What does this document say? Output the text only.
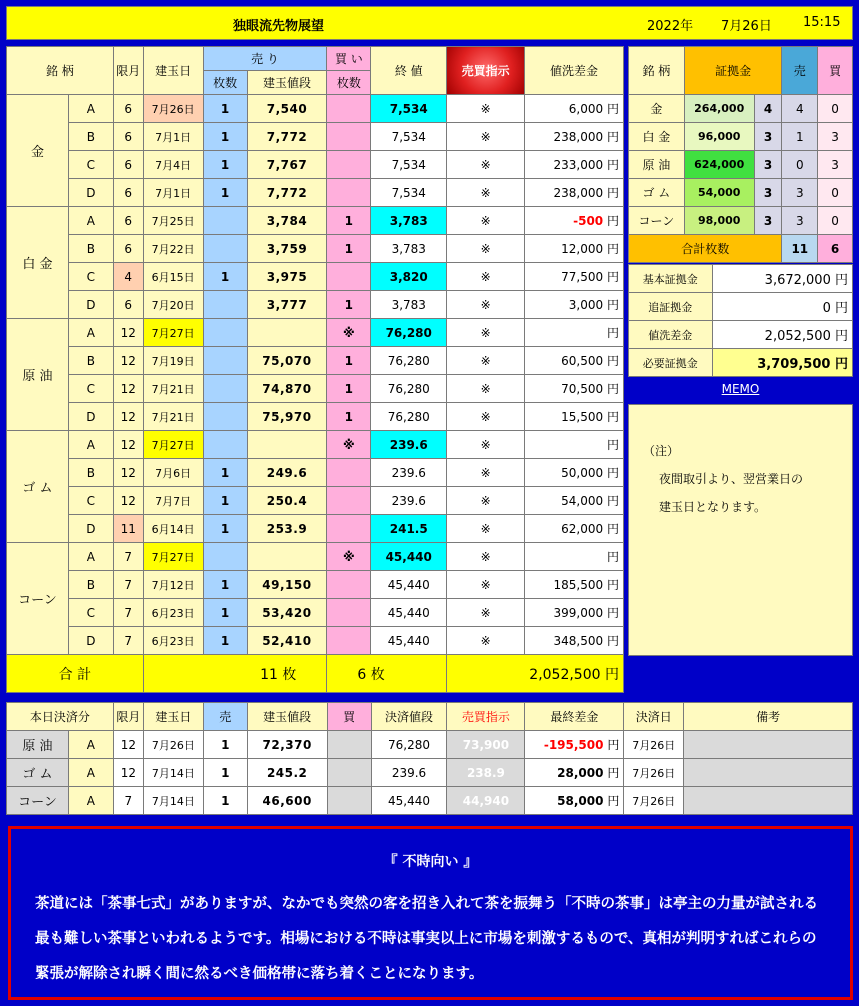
独眼流先物展望	2022年 7月26日 15:15
銘 柄		限月	建玉日	売 り		買 い	終 値	売買指示	値洗差金
				枚数	建玉値段	枚数			
金	A	6	7月26日	1	7,540		7,534	※	6,000 円
	B	6	7月1日	1	7,772		7,534	※	238,000 円
	C	6	7月4日	1	7,767		7,534	※	233,000 円
	D	6	7月1日	1	7,772		7,534	※	238,000 円
白 金	A	6	7月25日		3,784	1	3,783	※	-500 円
	B	6	7月22日		3,759	1	3,783	※	12,000 円
	C	4	6月15日	1	3,975		3,820	※	77,500 円
	D	6	7月20日		3,777	1	3,783	※	3,000 円
原 油	A	12	7月27日			※	76,280	※	円
	B	12	7月19日		75,070	1	76,280	※	60,500 円
	C	12	7月21日		74,870	1	76,280	※	70,500 円
	D	12	7月21日		75,970	1	76,280	※	15,500 円
ゴ ム	A	12	7月27日			※	239.6	※	円
	B	12	7月6日	1	249.6		239.6	※	50,000 円
	C	12	7月7日	1	250.4		239.6	※	54,000 円
	D	11	6月14日	1	253.9		241.5	※	62,000 円
コーン	A	7	7月27日			※	45,440	※	円
	B	7	7月12日	1	49,150		45,440	※	185,500 円
	C	7	6月23日	1	53,420		45,440	※	399,000 円
	D	7	6月23日	1	52,410		45,440	※	348,500 円
合 計			11 枚			6 枚		2,052,500 円	
銘 柄	証拠金		売	買
金	264,000	4	4	0
白 金	96,000	3	1	3
原 油	624,000	3	0	3
ゴ ム	54,000	3	3	0
コーン	98,000	3	3	0
合計枚数			11	6
基本証拠金	3,672,000 円
追証拠金	0 円
値洗差金	2,052,500 円
必要証拠金	3,709,500 円
MEMO
（注）
夜間取引より、翌営業日の
建玉日となります。
本日決済分		限月	建玉日	売	建玉値段	買	決済値段	売買指示	最終差金	決済日	備考
原 油	A	12	7月26日	1	72,370		76,280	73,900	-195,500 円	7月26日	
ゴ ム	A	12	7月14日	1	245.2		239.6	238.9	28,000 円	7月26日	
コーン	A	7	7月14日	1	46,600		45,440	44,940	58,000 円	7月26日	
『 不時向い 』
茶道には「茶事七式」がありますが、なかでも突然の客を招き入れて茶を振舞う「不時の茶事」は亭主の力量が試される最も難しい茶事といわれるようです。相場における不時は事実以上に市場を刺激するもので、真相が判明すればこれらの緊張が解除され瞬く間に然るべき価格帯に落ち着くことになります。
